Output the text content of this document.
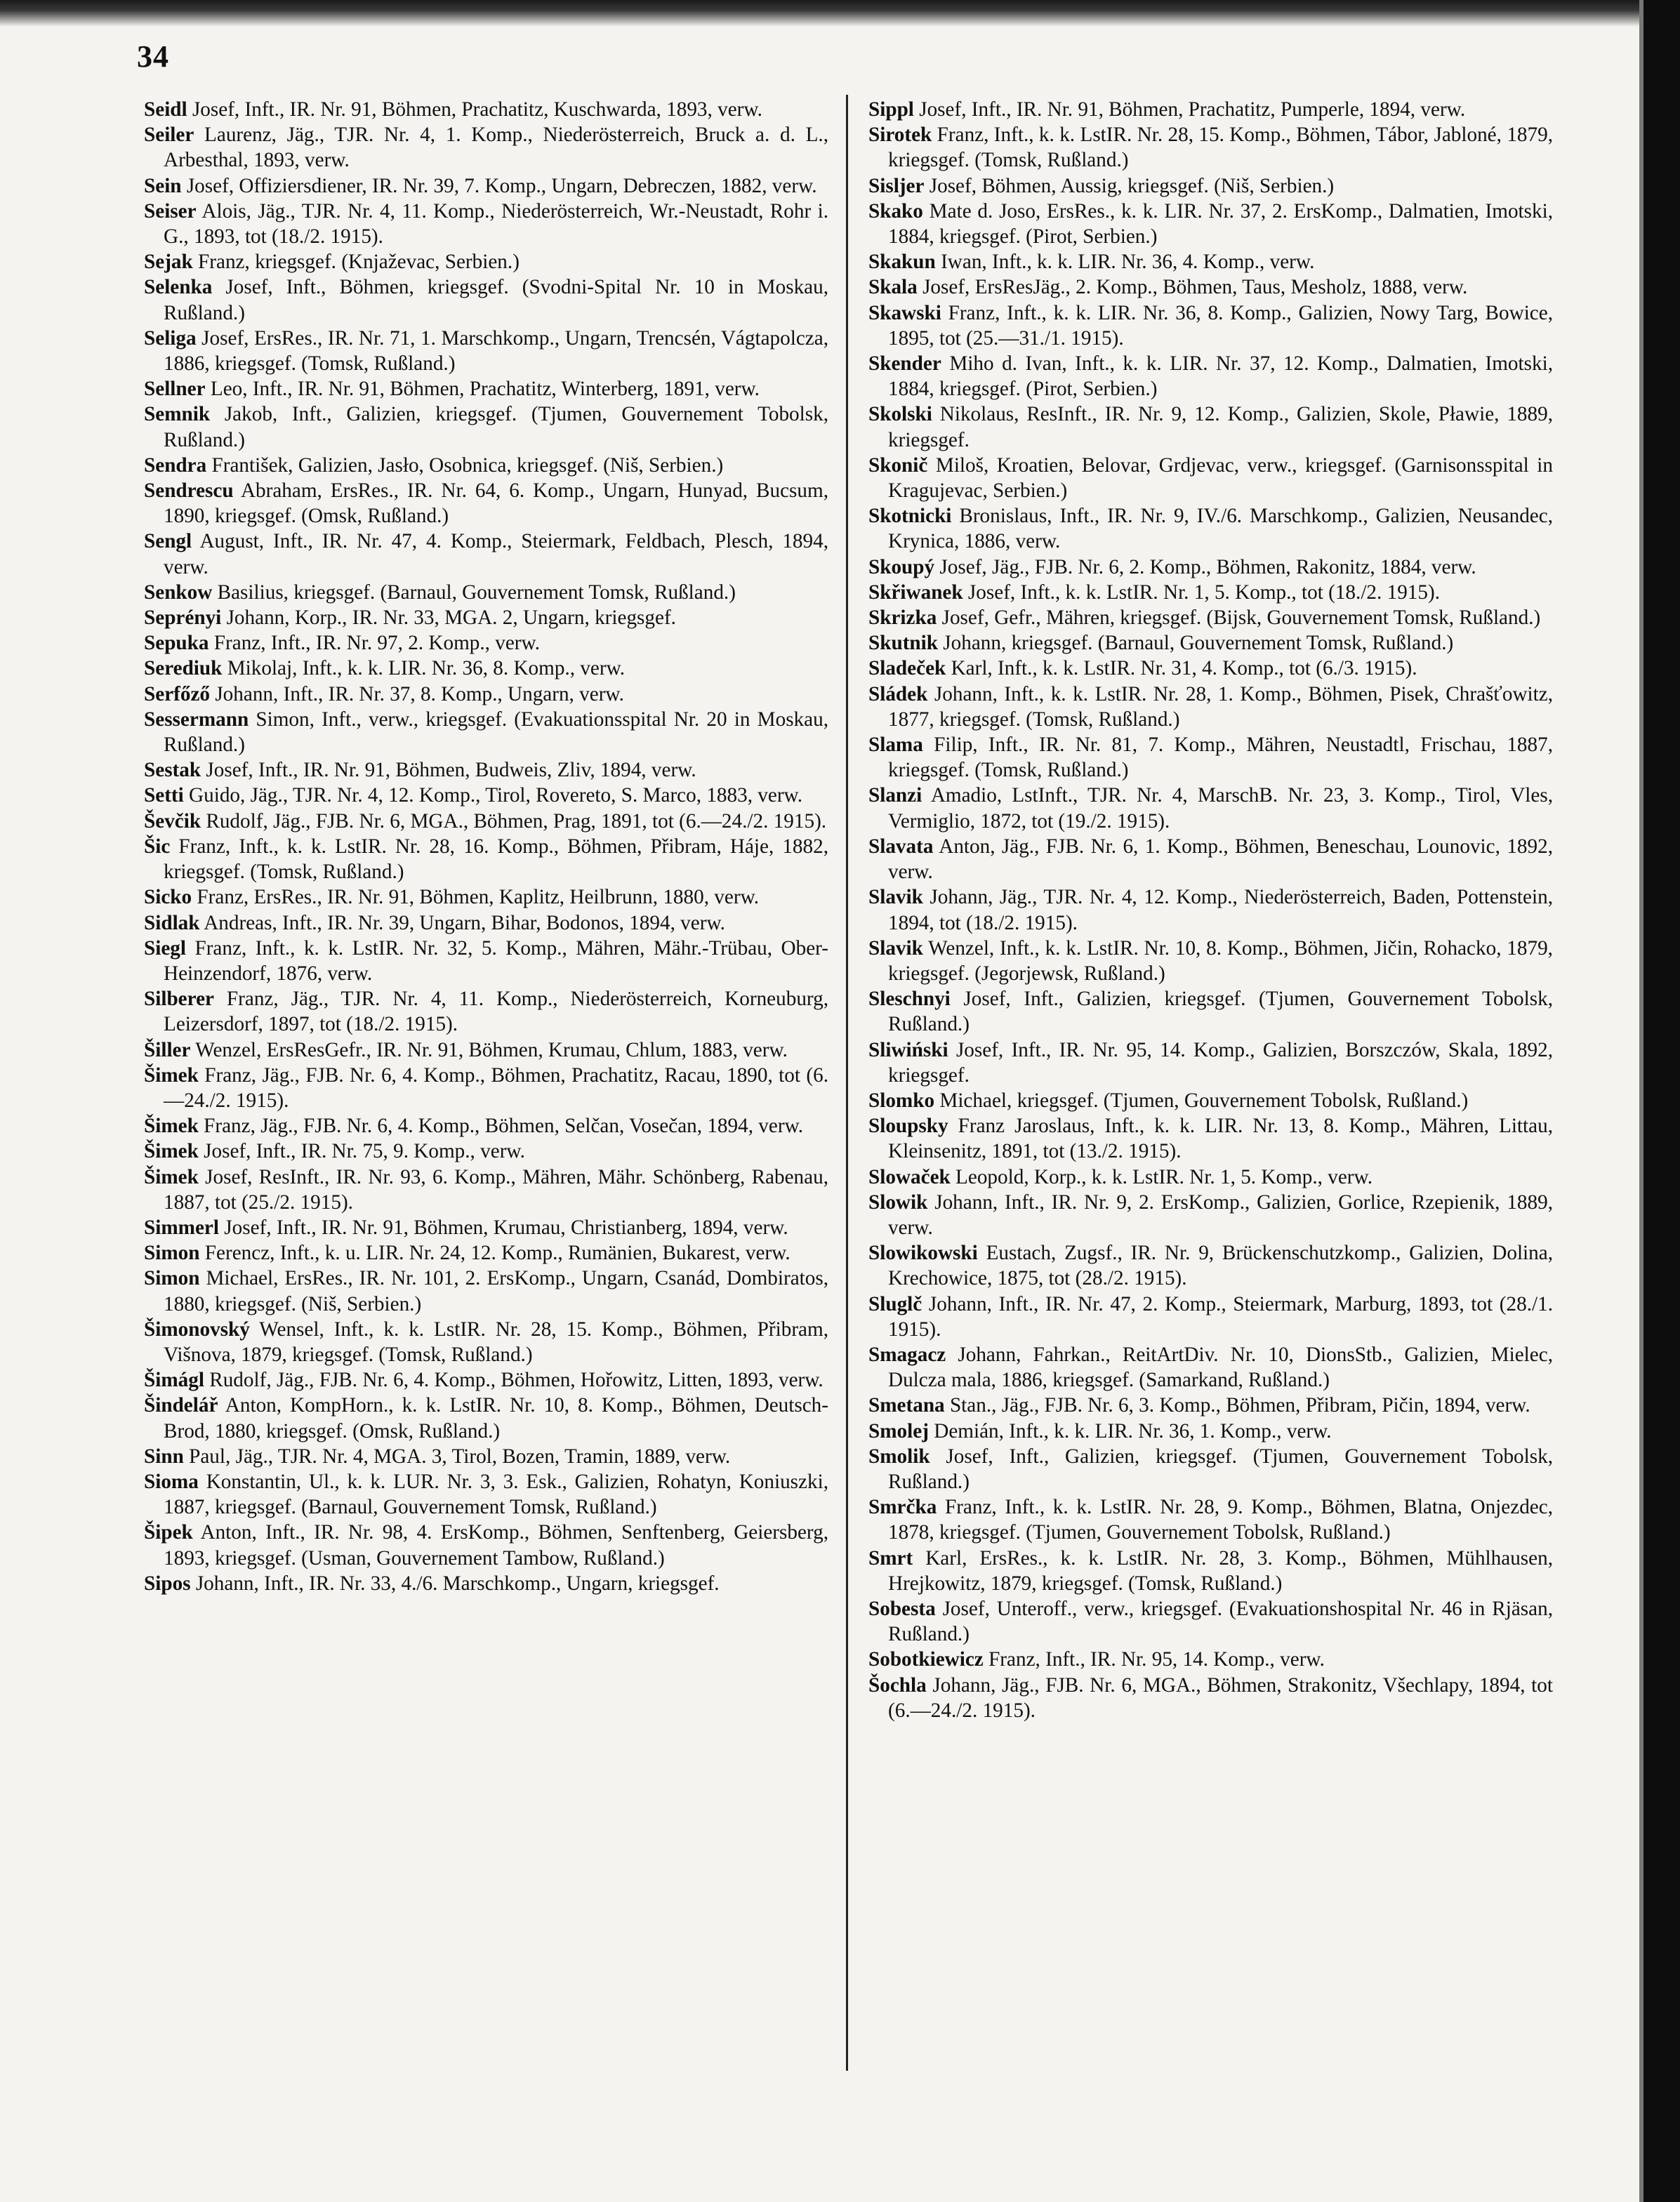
34

Seidl Josef, Inft., IR. Nr. 91, Böhmen, Prachatitz, Kuschwarda, 1893, verw.

Seiler Laurenz, Jäg., TJR. Nr. 4, 1. Komp., Niederösterreich, Bruck a. d. L., Arbesthal, 1893, verw.

Sein Josef, Offiziersdiener, IR. Nr. 39, 7. Komp., Ungarn, Debreczen, 1882, verw.

Seiser Alois, Jäg., TJR. Nr. 4, 11. Komp., Niederösterreich, Wr.-Neustadt, Rohr i. G., 1893, tot (18./2. 1915).

Sejak Franz, kriegsgef. (Knjaževac, Serbien.)

Selenka Josef, Inft., Böhmen, kriegsgef. (Svodni-Spital Nr. 10 in Moskau, Rußland.)

Seliga Josef, ErsRes., IR. Nr. 71, 1. Marschkomp., Ungarn, Trencsén, Vágtapolcza, 1886, kriegsgef. (Tomsk, Rußland.)

Sellner Leo, Inft., IR. Nr. 91, Böhmen, Prachatitz, Winterberg, 1891, verw.

Semnik Jakob, Inft., Galizien, kriegsgef. (Tjumen, Gouvernement Tobolsk, Rußland.)

Sendra František, Galizien, Jasło, Osobnica, kriegsgef. (Niš, Serbien.)

Sendrescu Abraham, ErsRes., IR. Nr. 64, 6. Komp., Ungarn, Hunyad, Bucsum, 1890, kriegsgef. (Omsk, Rußland.)

Sengl August, Inft., IR. Nr. 47, 4. Komp., Steiermark, Feldbach, Plesch, 1894, verw.

Senkow Basilius, kriegsgef. (Barnaul, Gouvernement Tomsk, Rußland.)

Seprényi Johann, Korp., IR. Nr. 33, MGA. 2, Ungarn, kriegsgef.

Sepuka Franz, Inft., IR. Nr. 97, 2. Komp., verw.

Serediuk Mikolaj, Inft., k. k. LIR. Nr. 36, 8. Komp., verw.

Serfőző Johann, Inft., IR. Nr. 37, 8. Komp., Ungarn, verw.

Sessermann Simon, Inft., verw., kriegsgef. (Evakuationsspital Nr. 20 in Moskau, Rußland.)

Sestak Josef, Inft., IR. Nr. 91, Böhmen, Budweis, Zliv, 1894, verw.

Setti Guido, Jäg., TJR. Nr. 4, 12. Komp., Tirol, Rovereto, S. Marco, 1883, verw.

Ševčik Rudolf, Jäg., FJB. Nr. 6, MGA., Böhmen, Prag, 1891, tot (6.—24./2. 1915).

Šic Franz, Inft., k. k. LstIR. Nr. 28, 16. Komp., Böhmen, Přibram, Háje, 1882, kriegsgef. (Tomsk, Rußland.)

Sicko Franz, ErsRes., IR. Nr. 91, Böhmen, Kaplitz, Heilbrunn, 1880, verw.

Sidlak Andreas, Inft., IR. Nr. 39, Ungarn, Bihar, Bodonos, 1894, verw.

Siegl Franz, Inft., k. k. LstIR. Nr. 32, 5. Komp., Mähren, Mähr.-Trübau, Ober-Heinzendorf, 1876, verw.

Silberer Franz, Jäg., TJR. Nr. 4, 11. Komp., Niederösterreich, Korneuburg, Leizersdorf, 1897, tot (18./2. 1915).

Šiller Wenzel, ErsResGefr., IR. Nr. 91, Böhmen, Krumau, Chlum, 1883, verw.

Šimek Franz, Jäg., FJB. Nr. 6, 4. Komp., Böhmen, Prachatitz, Racau, 1890, tot (6.—24./2. 1915).

Šimek Franz, Jäg., FJB. Nr. 6, 4. Komp., Böhmen, Selčan, Vosečan, 1894, verw.

Šimek Josef, Inft., IR. Nr. 75, 9. Komp., verw.

Šimek Josef, ResInft., IR. Nr. 93, 6. Komp., Mähren, Mähr. Schönberg, Rabenau, 1887, tot (25./2. 1915).

Simmerl Josef, Inft., IR. Nr. 91, Böhmen, Krumau, Christianberg, 1894, verw.

Simon Ferencz, Inft., k. u. LIR. Nr. 24, 12. Komp., Rumänien, Bukarest, verw.

Simon Michael, ErsRes., IR. Nr. 101, 2. ErsKomp., Ungarn, Csanád, Dombiratos, 1880, kriegsgef. (Niš, Serbien.)

Šimonovský Wensel, Inft., k. k. LstIR. Nr. 28, 15. Komp., Böhmen, Přibram, Višnova, 1879, kriegsgef. (Tomsk, Rußland.)

Šimágl Rudolf, Jäg., FJB. Nr. 6, 4. Komp., Böhmen, Hořowitz, Litten, 1893, verw.

Šindelář Anton, KompHorn., k. k. LstIR. Nr. 10, 8. Komp., Böhmen, Deutsch-Brod, 1880, kriegsgef. (Omsk, Rußland.)

Sinn Paul, Jäg., TJR. Nr. 4, MGA. 3, Tirol, Bozen, Tramin, 1889, verw.

Sioma Konstantin, Ul., k. k. LUR. Nr. 3, 3. Esk., Galizien, Rohatyn, Koniuszki, 1887, kriegsgef. (Barnaul, Gouvernement Tomsk, Rußland.)

Šipek Anton, Inft., IR. Nr. 98, 4. ErsKomp., Böhmen, Senftenberg, Geiersberg, 1893, kriegsgef. (Usman, Gouvernement Tambow, Rußland.)

Sipos Johann, Inft., IR. Nr. 33, 4./6. Marschkomp., Ungarn, kriegsgef.

Sippl Josef, Inft., IR. Nr. 91, Böhmen, Prachatitz, Pumperle, 1894, verw.

Sirotek Franz, Inft., k. k. LstIR. Nr. 28, 15. Komp., Böhmen, Tábor, Jabloné, 1879, kriegsgef. (Tomsk, Rußland.)

Sisljer Josef, Böhmen, Aussig, kriegsgef. (Niš, Serbien.)

Skako Mate d. Joso, ErsRes., k. k. LIR. Nr. 37, 2. ErsKomp., Dalmatien, Imotski, 1884, kriegsgef. (Pirot, Serbien.)

Skakun Iwan, Inft., k. k. LIR. Nr. 36, 4. Komp., verw.

Skala Josef, ErsResJäg., 2. Komp., Böhmen, Taus, Mesholz, 1888, verw.

Skawski Franz, Inft., k. k. LIR. Nr. 36, 8. Komp., Galizien, Nowy Targ, Bowice, 1895, tot (25.—31./1. 1915).

Skender Miho d. Ivan, Inft., k. k. LIR. Nr. 37, 12. Komp., Dalmatien, Imotski, 1884, kriegsgef. (Pirot, Serbien.)

Skolski Nikolaus, ResInft., IR. Nr. 9, 12. Komp., Galizien, Skole, Pławie, 1889, kriegsgef.

Skonič Miloš, Kroatien, Belovar, Grdjevac, verw., kriegsgef. (Garnisonsspital in Kragujevac, Serbien.)

Skotnicki Bronislaus, Inft., IR. Nr. 9, IV./6. Marschkomp., Galizien, Neusandec, Krynica, 1886, verw.

Skoupý Josef, Jäg., FJB. Nr. 6, 2. Komp., Böhmen, Rakonitz, 1884, verw.

Skřiwanek Josef, Inft., k. k. LstIR. Nr. 1, 5. Komp., tot (18./2. 1915).

Skrizka Josef, Gefr., Mähren, kriegsgef. (Bijsk, Gouvernement Tomsk, Rußland.)

Skutnik Johann, kriegsgef. (Barnaul, Gouvernement Tomsk, Rußland.)

Sladeček Karl, Inft., k. k. LstIR. Nr. 31, 4. Komp., tot (6./3. 1915).

Sládek Johann, Inft., k. k. LstIR. Nr. 28, 1. Komp., Böhmen, Pisek, Chrašťowitz, 1877, kriegsgef. (Tomsk, Rußland.)

Slama Filip, Inft., IR. Nr. 81, 7. Komp., Mähren, Neustadtl, Frischau, 1887, kriegsgef. (Tomsk, Rußland.)

Slanzi Amadio, LstInft., TJR. Nr. 4, MarschB. Nr. 23, 3. Komp., Tirol, Vles, Vermiglio, 1872, tot (19./2. 1915).

Slavata Anton, Jäg., FJB. Nr. 6, 1. Komp., Böhmen, Beneschau, Lounovic, 1892, verw.

Slavik Johann, Jäg., TJR. Nr. 4, 12. Komp., Niederösterreich, Baden, Pottenstein, 1894, tot (18./2. 1915).

Slavik Wenzel, Inft., k. k. LstIR. Nr. 10, 8. Komp., Böhmen, Jičin, Rohacko, 1879, kriegsgef. (Jegorjewsk, Rußland.)

Sleschnyi Josef, Inft., Galizien, kriegsgef. (Tjumen, Gouvernement Tobolsk, Rußland.)

Sliwiński Josef, Inft., IR. Nr. 95, 14. Komp., Galizien, Borszczów, Skala, 1892, kriegsgef.

Slomko Michael, kriegsgef. (Tjumen, Gouvernement Tobolsk, Rußland.)

Sloupsky Franz Jaroslaus, Inft., k. k. LIR. Nr. 13, 8. Komp., Mähren, Littau, Kleinsenitz, 1891, tot (13./2. 1915).

Slowaček Leopold, Korp., k. k. LstIR. Nr. 1, 5. Komp., verw.

Slowik Johann, Inft., IR. Nr. 9, 2. ErsKomp., Galizien, Gorlice, Rzepienik, 1889, verw.

Slowikowski Eustach, Zugsf., IR. Nr. 9, Brückenschutzkomp., Galizien, Dolina, Krechowice, 1875, tot (28./2. 1915).

Sluglč Johann, Inft., IR. Nr. 47, 2. Komp., Steiermark, Marburg, 1893, tot (28./1. 1915).

Smagacz Johann, Fahrkan., ReitArtDiv. Nr. 10, DionsStb., Galizien, Mielec, Dulcza mala, 1886, kriegsgef. (Samarkand, Rußland.)

Smetana Stan., Jäg., FJB. Nr. 6, 3. Komp., Böhmen, Přibram, Pičin, 1894, verw.

Smolej Demián, Inft., k. k. LIR. Nr. 36, 1. Komp., verw.

Smolik Josef, Inft., Galizien, kriegsgef. (Tjumen, Gouvernement Tobolsk, Rußland.)

Smrčka Franz, Inft., k. k. LstIR. Nr. 28, 9. Komp., Böhmen, Blatna, Onjezdec, 1878, kriegsgef. (Tjumen, Gouvernement Tobolsk, Rußland.)

Smrt Karl, ErsRes., k. k. LstIR. Nr. 28, 3. Komp., Böhmen, Mühlhausen, Hrejkowitz, 1879, kriegsgef. (Tomsk, Rußland.)

Sobesta Josef, Unteroff., verw., kriegsgef. (Evakuationshospital Nr. 46 in Rjäsan, Rußland.)

Sobotkiewicz Franz, Inft., IR. Nr. 95, 14. Komp., verw.

Šochla Johann, Jäg., FJB. Nr. 6, MGA., Böhmen, Strakonitz, Všechlapy, 1894, tot (6.—24./2. 1915).
